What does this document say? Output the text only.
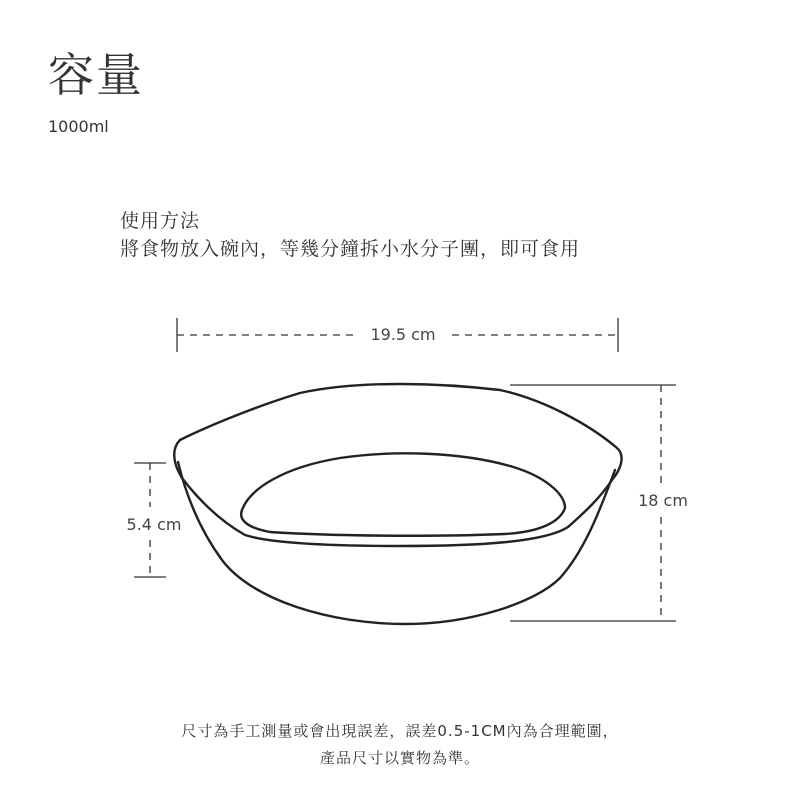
容量
1000ml
使用方法
將食物放入碗內，等幾分鐘拆小水分子團，即可食用
19.5 cm
18 cm
5.4 cm
尺寸為手工測量或會出現誤差，誤差0.5-1CM內為合理範圍，
產品尺寸以實物為準。
